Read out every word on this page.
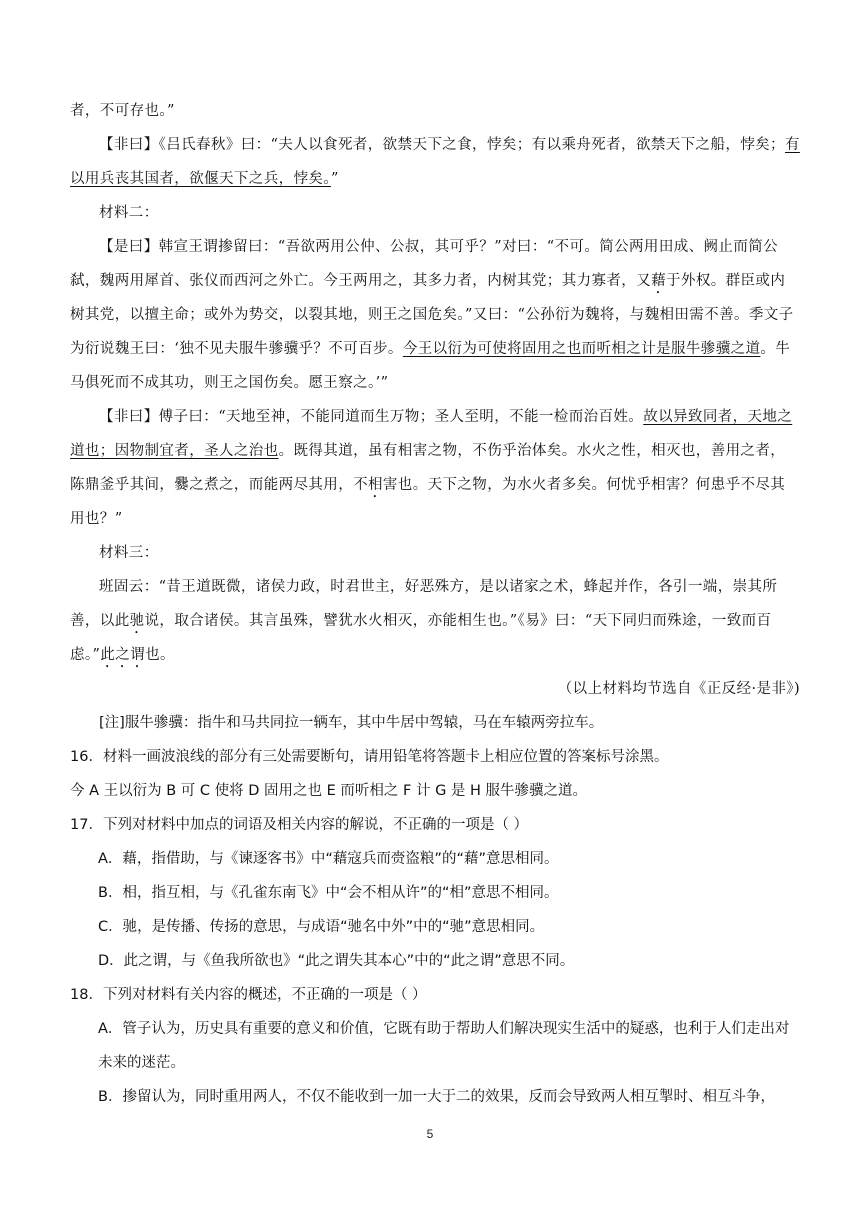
者，不可存也。”
【非曰】《吕氏春秋》曰：“夫人以食死者，欲禁天下之食，悖矣；有以乘舟死者，欲禁天下之船，悖矣；有以用兵丧其国者，欲偃天下之兵，悖矣。”
材料二：
【是曰】韩宣王谓掺留曰：“吾欲两用公仲、公叔，其可乎？”对曰：“不可。简公两用田成、阙止而简公弑，魏两用犀首、张仪而西河之外亡。今王两用之，其多力者，内树其党；其力寡者，又藉于外权。群臣或内树其党，以擅主命；或外为势交，以裂其地，则王之国危矣。”又曰：“公孙衍为魏将，与魏相田需不善。季文子为衍说魏王曰：‘独不见夫服牛骖骥乎？不可百步。今王以衍为可使将固用之也而听相之计是服牛骖骥之道。牛马俱死而不成其功，则王之国伤矣。愿王察之。’”
【非曰】傅子曰：“天地至神，不能同道而生万物；圣人至明，不能一检而治百姓。故以异致同者，天地之道也；因物制宜者，圣人之治也。既得其道，虽有相害之物，不伤乎治体矣。水火之性，相灭也，善用之者，陈鼎釜乎其间，爨之煮之，而能两尽其用，不相害也。天下之物，为水火者多矣。何忧乎相害？何患乎不尽其用也？”
材料三：
班固云：“昔王道既微，诸侯力政，时君世主，好恶殊方，是以诸家之术，蜂起并作，各引一端，崇其所善，以此驰说，取合诸侯。其言虽殊，譬犹水火相灭，亦能相生也。”《易》曰：“天下同归而殊途，一致而百虑。”此之谓也。
（以上材料均节选自《正反经·是非》)
[注]服牛骖骥：指牛和马共同拉一辆车，其中牛居中驾辕，马在车辕两旁拉车。
16．材料一画波浪线的部分有三处需要断句，请用铅笔将答题卡上相应位置的答案标号涂黑。
今 A 王以衍为 B 可 C 使将 D 固用之也 E 而听相之 F 计 G 是 H 服牛骖骥之道。
17．下列对材料中加点的词语及相关内容的解说，不正确的一项是（ ）
A．藉，指借助，与《谏逐客书》中“藉寇兵而赍盗粮”的“藉”意思相同。
B．相，指互相，与《孔雀东南飞》中“会不相从许”的“相”意思不相同。
C．驰，是传播、传扬的意思，与成语“驰名中外”中的“驰”意思相同。
D．此之谓，与《鱼我所欲也》“此之谓失其本心”中的“此之谓”意思不同。
18．下列对材料有关内容的概述，不正确的一项是（ ）
A．管子认为，历史具有重要的意义和价值，它既有助于帮助人们解决现实生活中的疑惑，也利于人们走出对未来的迷茫。
B．掺留认为，同时重用两人，不仅不能收到一加一大于二的效果，反而会导致两人相互掣时、相互斗争，
5
